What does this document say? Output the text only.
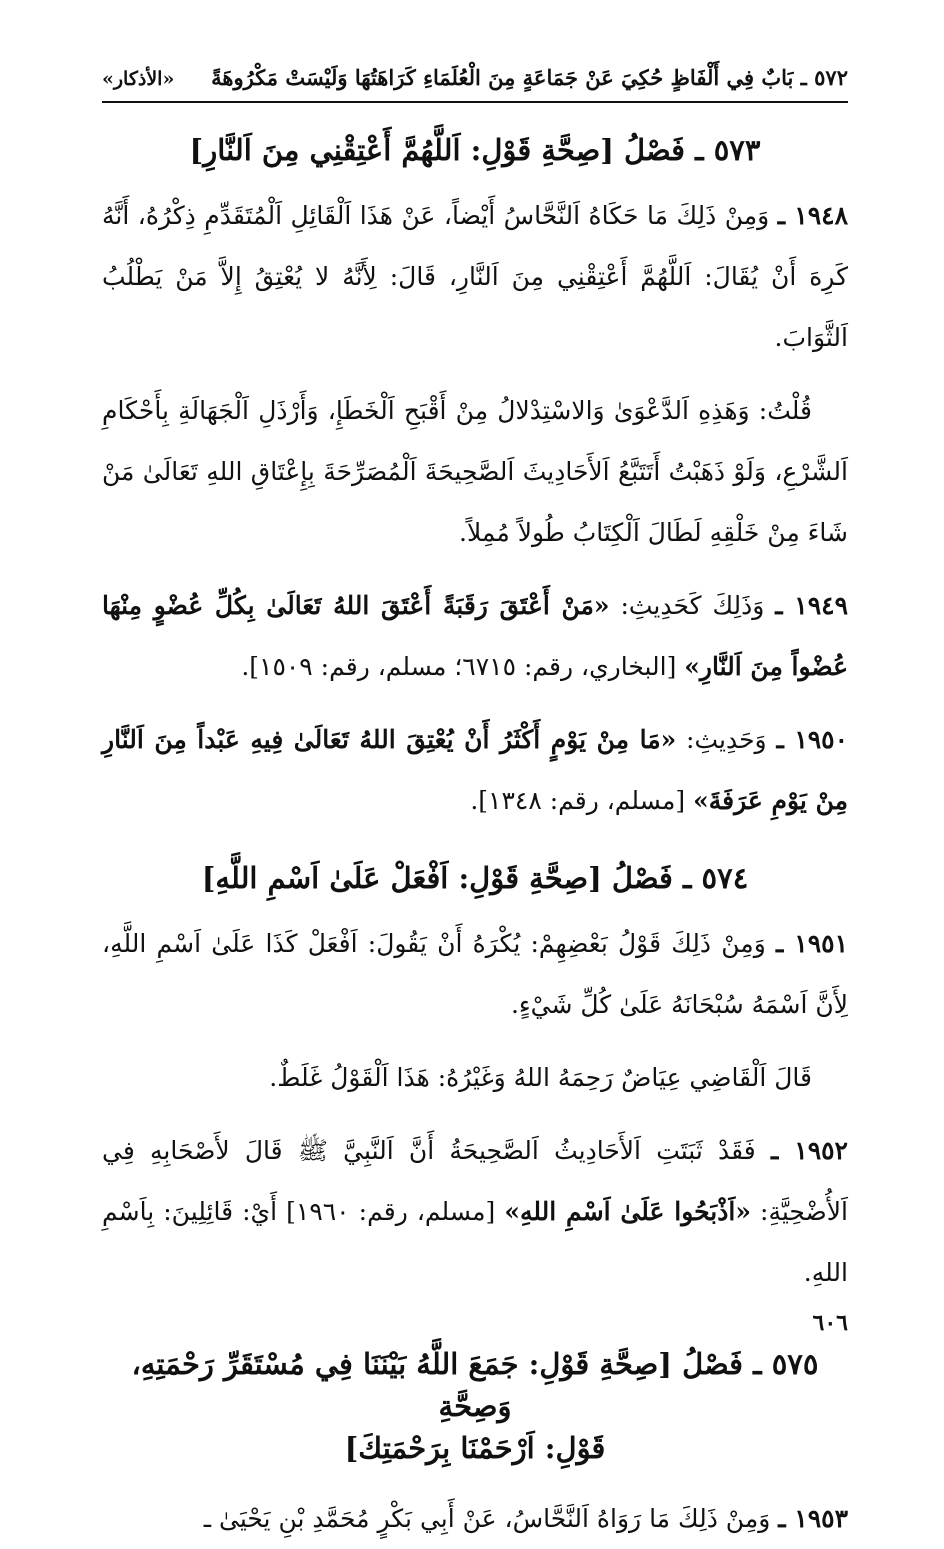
٥٧٢ ـ بَابٌ فِي أَلْفَاظٍ حُكِيَ عَنْ جَمَاعَةٍ مِنَ الْعُلَمَاءِ كَرَاهَتُهَا وَلَيْسَتْ مَكْرُوهَةً
«الأذكار»
٥٧٣ ـ فَصْلُ [صِحَّةِ قَوْلِ: اَللَّهُمَّ أَعْتِقْنِي مِنَ اَلنَّارِ]

١٩٤٨ ـ وَمِنْ ذَلِكَ مَا حَكَاهُ اَلنَّحَّاسُ أَيْضاً، عَنْ هَذَا اَلْقَائِلِ اَلْمُتَقَدِّمِ ذِكْرُهُ، أَنَّهُ كَرِهَ أَنْ يُقَالَ: اَللَّهُمَّ أَعْتِقْنِي مِنَ اَلنَّارِ، قَالَ: لِأَنَّهُ لا يُعْتِقُ إِلاَّ مَنْ يَطْلُبُ اَلثَّوَابَ.

قُلْتُ: وَهَذِهِ اَلدَّعْوَىٰ وَالاسْتِدْلالُ مِنْ أَقْبَحِ اَلْخَطَإِ، وَأَرْذَلِ اَلْجَهَالَةِ بِأَحْكَامِ اَلشَّرْعِ، وَلَوْ ذَهَبْتُ أَتَتَبَّعُ اَلأَحَادِيثَ اَلصَّحِيحَةَ اَلْمُصَرِّحَةَ بِإِعْتَاقِ اللهِ تَعَالَىٰ مَنْ شَاءَ مِنْ خَلْقِهِ لَطَالَ اَلْكِتَابُ طُولاً مُمِلاً.

١٩٤٩ ـ وَذَلِكَ كَحَدِيثِ: «مَنْ أَعْتَقَ رَقَبَةً أَعْتَقَ اللهُ تَعَالَىٰ بِكُلِّ عُضْوٍ مِنْهَا عُضْواً مِنَ اَلنَّارِ» [البخاري، رقم: ٦٧١٥؛ مسلم، رقم: ١٥٠٩].

١٩٥٠ ـ وَحَدِيثِ: «مَا مِنْ يَوْمٍ أَكْثَرُ أَنْ يُعْتِقَ اللهُ تَعَالَىٰ فِيهِ عَبْداً مِنَ اَلنَّارِ مِنْ يَوْمِ عَرَفَةَ» [مسلم، رقم: ١٣٤٨].

٥٧٤ ـ فَصْلُ [صِحَّةِ قَوْلِ: اَفْعَلْ عَلَىٰ اَسْمِ اللَّهِ]

١٩٥١ ـ وَمِنْ ذَلِكَ قَوْلُ بَعْضِهِمْ: يُكْرَهُ أَنْ يَقُولَ: اَفْعَلْ كَذَا عَلَىٰ اَسْمِ اللَّهِ، لِأَنَّ اَسْمَهُ سُبْحَانَهُ عَلَىٰ كُلِّ شَيْءٍ.

قَالَ اَلْقَاضِي عِيَاضٌ رَحِمَهُ اللهُ وَغَيْرُهُ: هَذَا اَلْقَوْلُ غَلَطٌ.

١٩٥٢ ـ فَقَدْ ثَبَتَتِ اَلأَحَادِيثُ اَلصَّحِيحَةُ أَنَّ اَلنَّبِيَّ ﷺ قَالَ لأَصْحَابِهِ فِي اَلأُضْحِيَّةِ: «اَذْبَحُوا عَلَىٰ اَسْمِ اللهِ» [مسلم، رقم: ١٩٦٠] أَيْ: قَائِلِينَ: بِاَسْمِ اللهِ.

٥٧٥ ـ فَصْلُ [صِحَّةِ قَوْلِ: جَمَعَ اللَّهُ بَيْنَنَا فِي مُسْتَقَرِّ رَحْمَتِهِ، وَصِحَّةِ
قَوْلِ: اَرْحَمْنَا بِرَحْمَتِكَ]

١٩٥٣ ـ وَمِنْ ذَلِكَ مَا رَوَاهُ اَلنَّحَّاسُ، عَنْ أَبِي بَكْرٍ مُحَمَّدِ بْنِ يَحْيَىٰ ـ

٦٠٦
